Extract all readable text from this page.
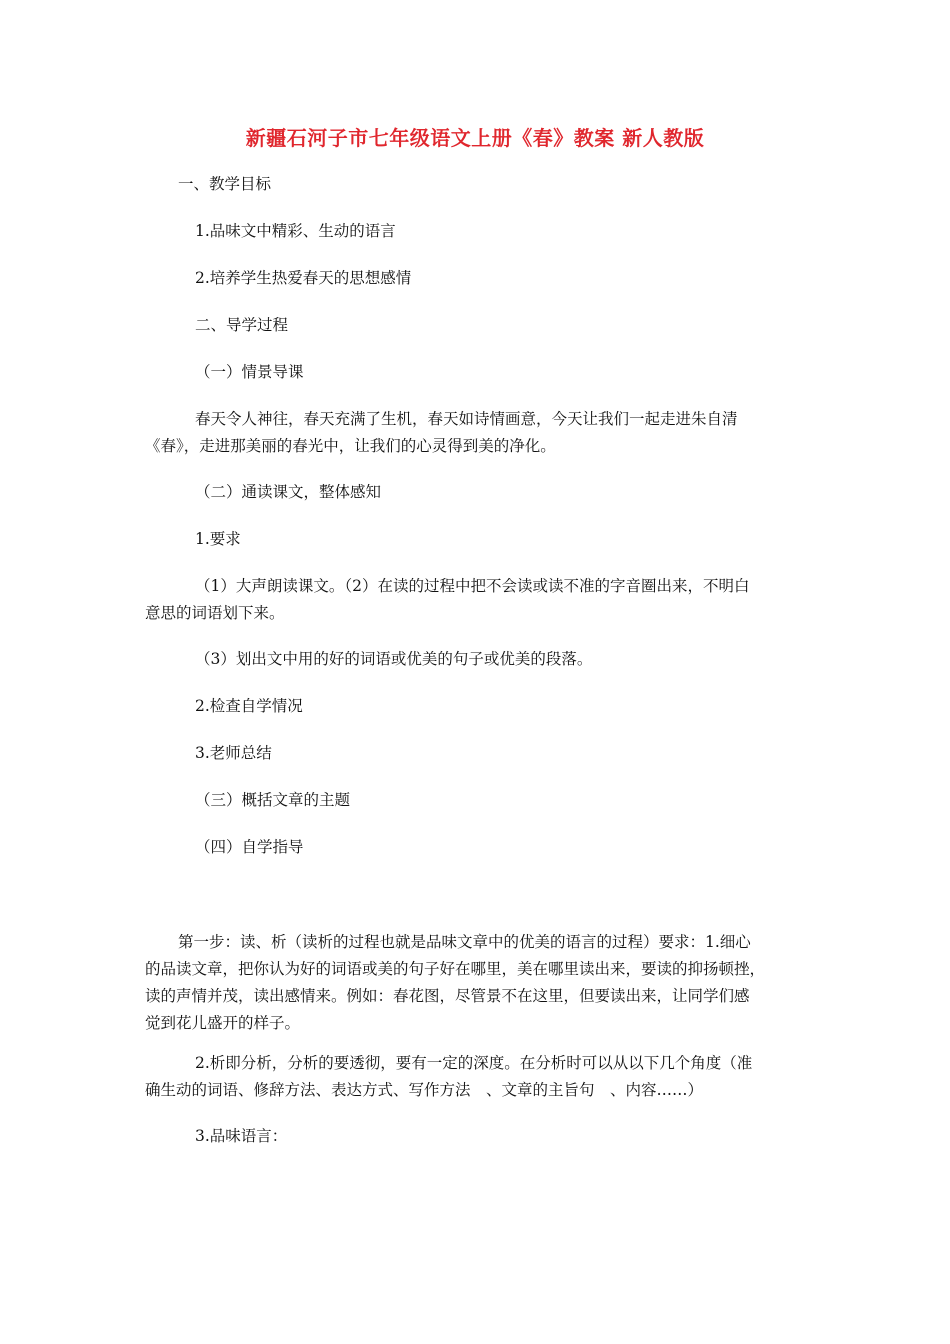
新疆石河子市七年级语文上册《春》教案 新人教版
一、教学目标
1.品味文中精彩、生动的语言
2.培养学生热爱春天的思想感情
二、导学过程
（一）情景导课
春天令人神往，春天充满了生机，春天如诗情画意，今天让我们一起走进朱自清
《春》，走进那美丽的春光中，让我们的心灵得到美的净化。
（二）通读课文，整体感知
1.要求
（1）大声朗读课文。（2）在读的过程中把不会读或读不准的字音圈出来，不明白
意思的词语划下来。
（3）划出文中用的好的词语或优美的句子或优美的段落。
2.检查自学情况
3.老师总结
（三）概括文章的主题
（四）自学指导
第一步：读、析（读析的过程也就是品味文章中的优美的语言的过程）要求：1.细心
的品读文章，把你认为好的词语或美的句子好在哪里，美在哪里读出来，要读的抑扬顿挫，
读的声情并茂，读出感情来。例如：春花图，尽管景不在这里，但要读出来，让同学们感
觉到花儿盛开的样子。
2.析即分析，分析的要透彻，要有一定的深度。在分析时可以从以下几个角度（准
确生动的词语、修辞方法、表达方式、写作方法　、文章的主旨句　、内容……）
3.品味语言：
